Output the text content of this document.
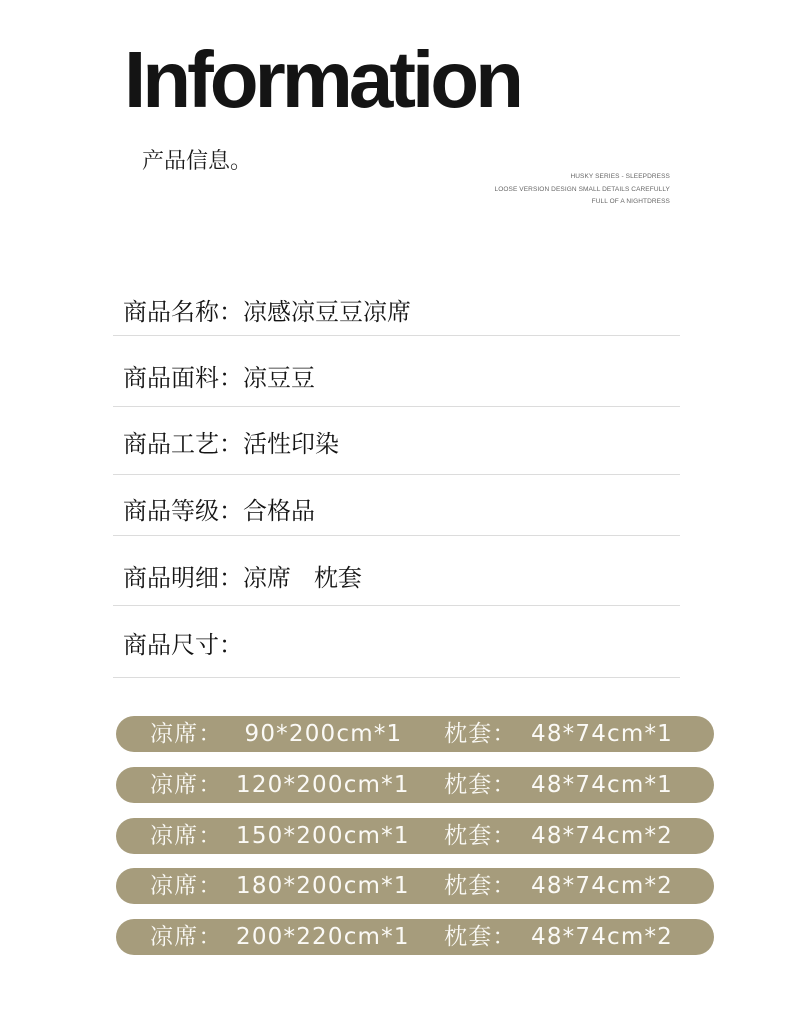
Information
产品信息。
HUSKY SERIES - SLEEPDRESS
LOOSE VERSION DESIGN SMALL DETAILS CAREFULLY
FULL OF A NIGHTDRESS
商品名称：凉感凉豆豆凉席
商品面料：凉豆豆
商品工艺：活性印染
商品等级：合格品
商品明细：凉席   枕套
商品尺寸：

凉席： 90*200cm*1 枕套： 48*74cm*1

凉席： 120*200cm*1 枕套： 48*74cm*1

凉席： 150*200cm*1 枕套： 48*74cm*2

凉席： 180*200cm*1 枕套： 48*74cm*2

凉席： 200*220cm*1 枕套： 48*74cm*2
